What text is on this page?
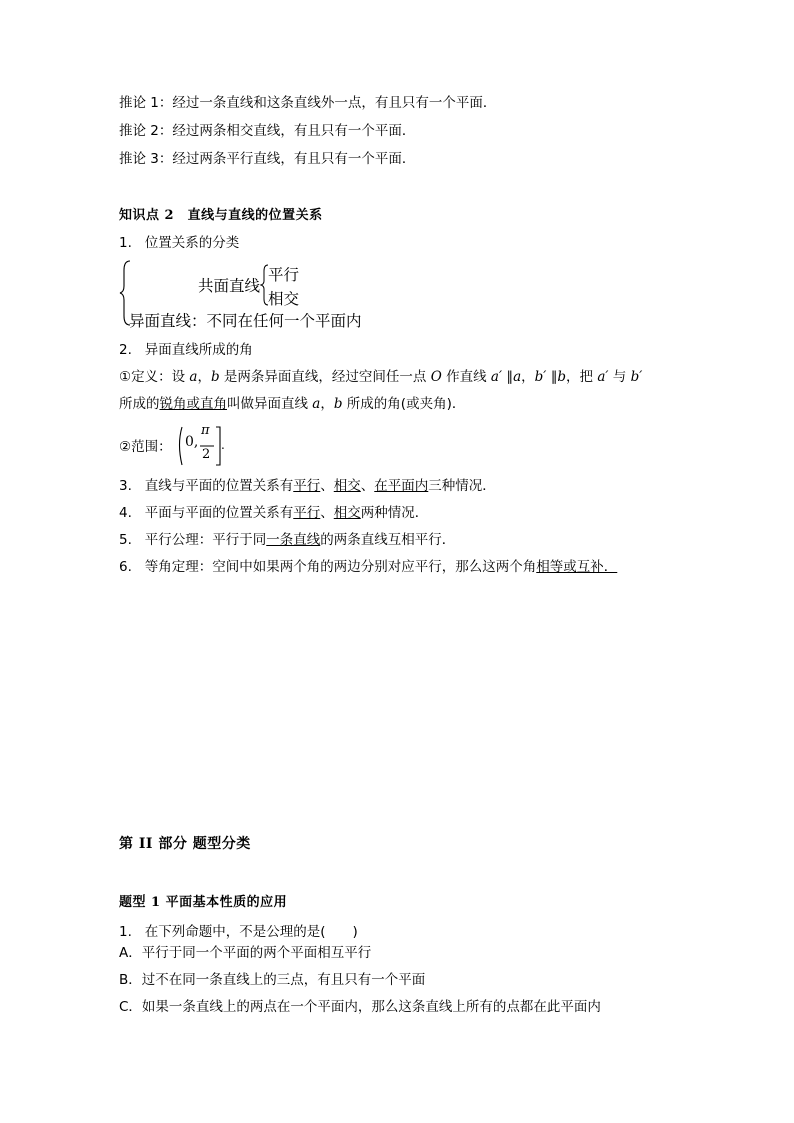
推论 1：经过一条直线和这条直线外一点，有且只有一个平面．
推论 2：经过两条相交直线，有且只有一个平面．
推论 3：经过两条平行直线，有且只有一个平面．
知识点 2　直线与直线的位置关系
1. 位置关系的分类
共面直线
平行
相交
异面直线：不同在任何一个平面内
2. 异面直线所成的角
①定义：设 a，b 是两条异面直线，经过空间任一点 O 作直线 a′ ∥a，b′ ∥b，把 a′ 与 b′
所成的锐角或直角叫做异面直线 a，b 所成的角(或夹角)．
②范围： 0,
π
2
.
3. 直线与平面的位置关系有平行、相交、在平面内三种情况．
4. 平面与平面的位置关系有平行、相交两种情况．
5. 平行公理：平行于同一条直线的两条直线互相平行．
6. 等角定理：空间中如果两个角的两边分别对应平行，那么这两个角相等或互补．
第 II 部分 题型分类
题型 1 平面基本性质的应用
1. 在下列命题中，不是公理的是(　　)
A．平行于同一个平面的两个平面相互平行
B．过不在同一条直线上的三点，有且只有一个平面
C．如果一条直线上的两点在一个平面内，那么这条直线上所有的点都在此平面内
